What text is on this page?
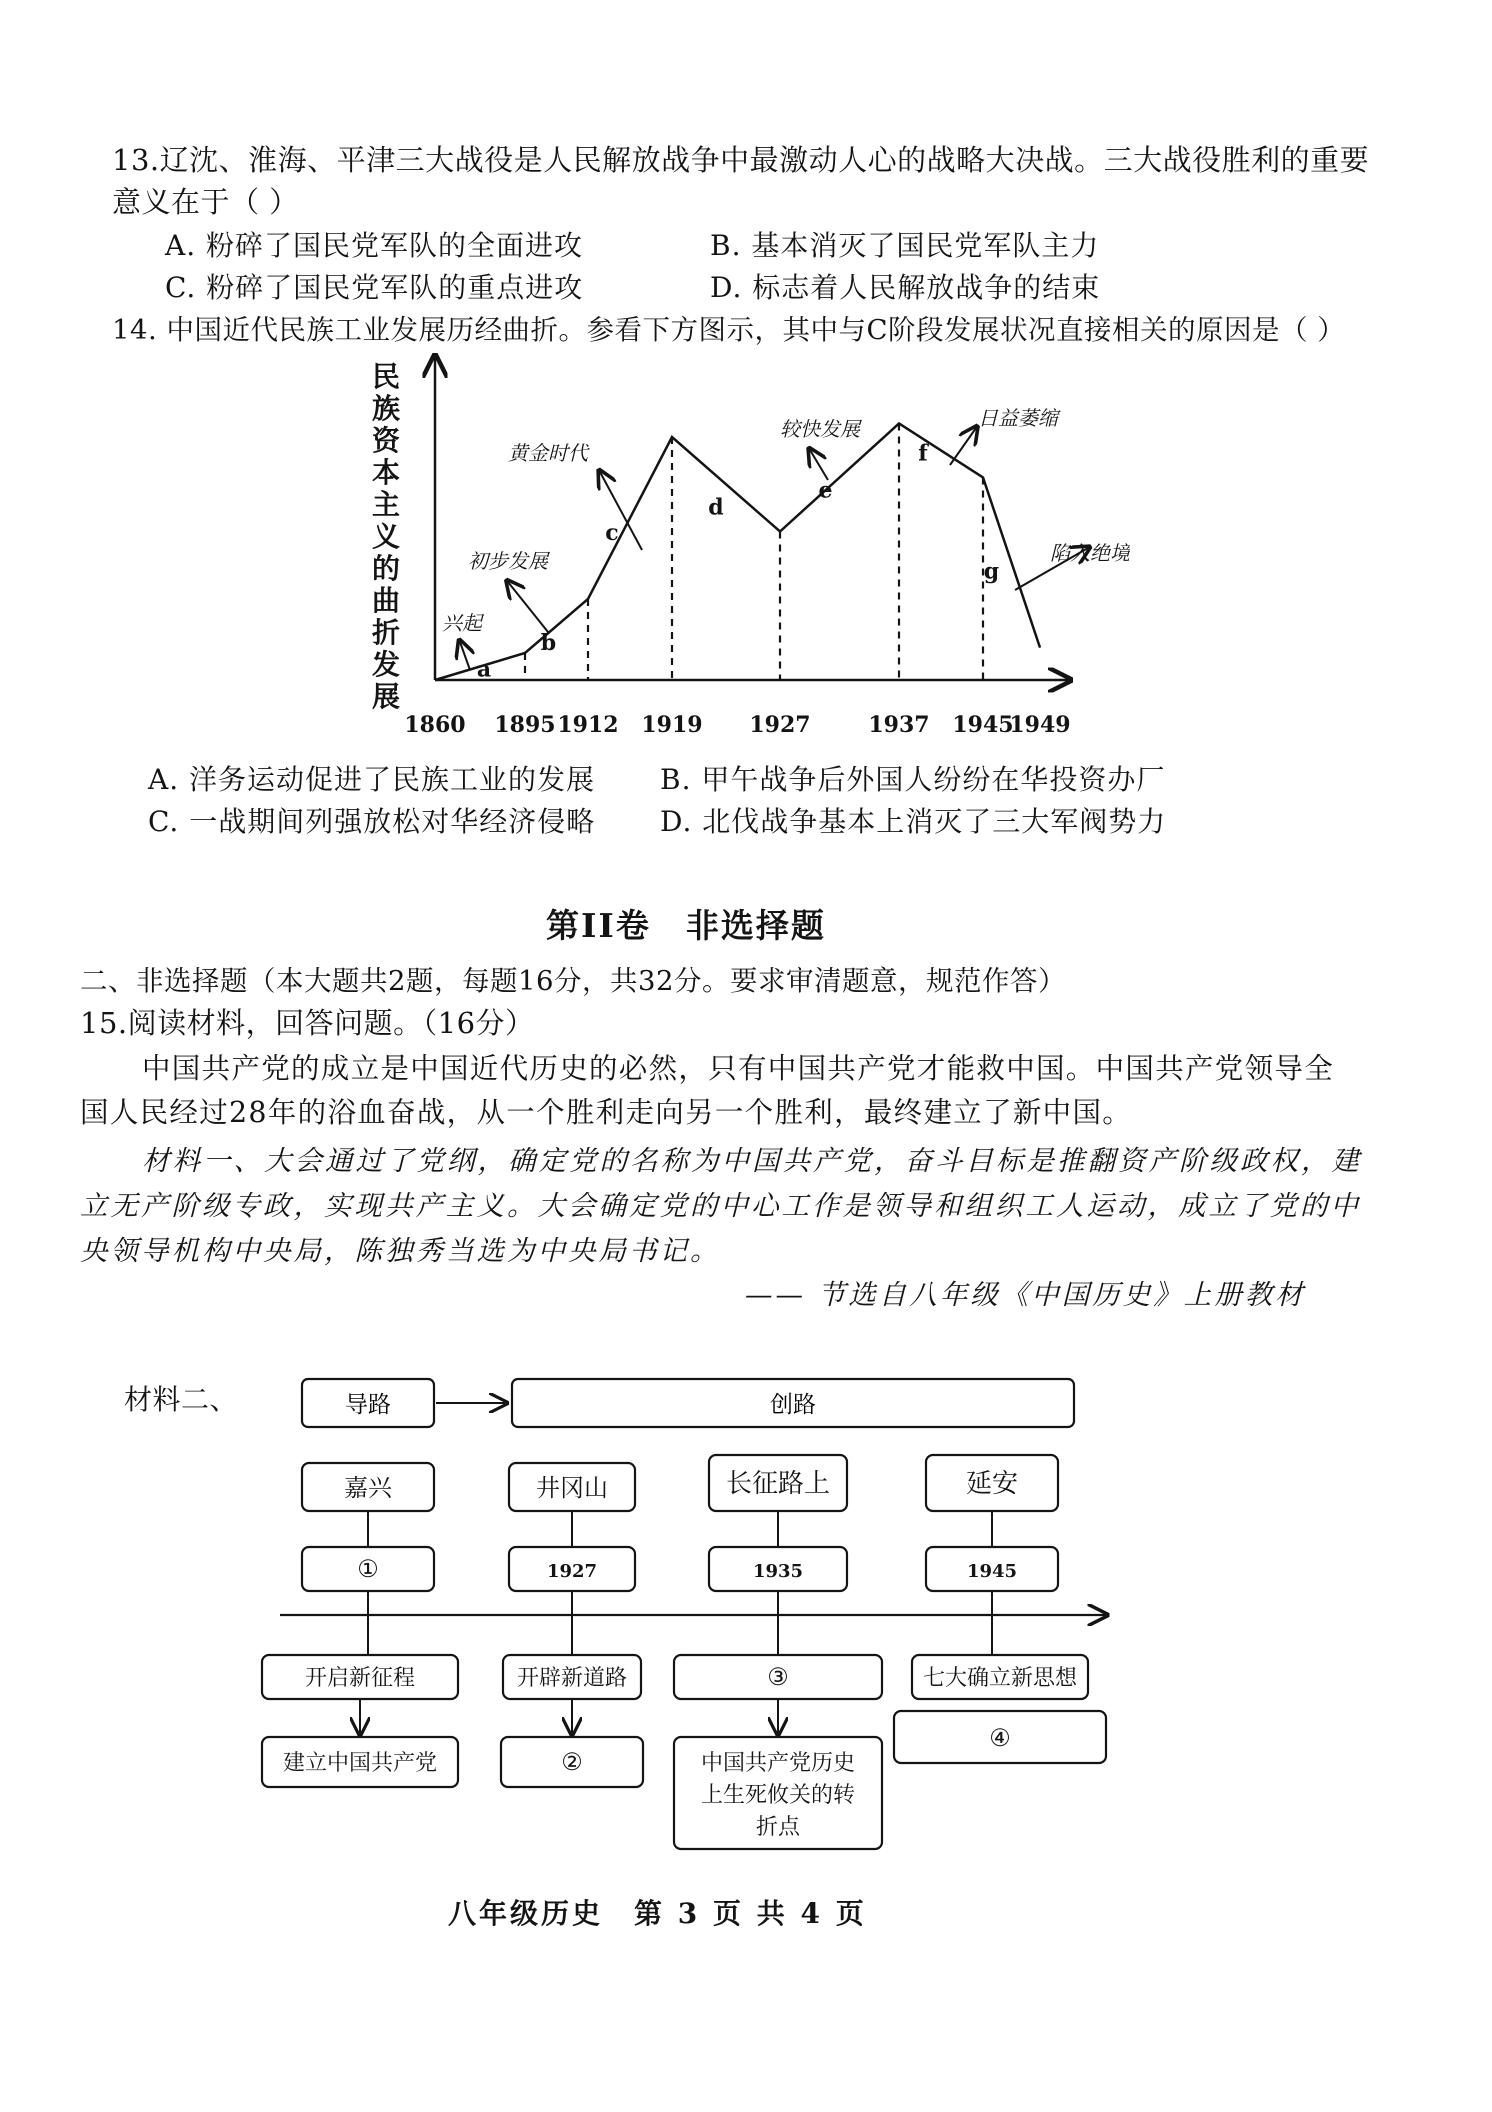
13.辽沈、淮海、平津三大战役是人民解放战争中最激动人心的战略大决战。三大战役胜利的重要
意义在于（ ）
A. 粉碎了国民党军队的全面进攻	B. 基本消灭了国民党军队主力
C. 粉碎了国民党军队的重点进攻	D. 标志着人民解放战争的结束
14. 中国近代民族工业发展历经曲折。参看下方图示，其中与C阶段发展状况直接相关的原因是（ ）
民族资本主义的曲折发展
1860 1895 1912 1919 1927	1937 1945
1949
a
b
c
d
e
f
g
兴起
初步发展
黄金时代
较快发展	日益萎缩
陷入绝境
A. 洋务运动促进了民族工业的发展 B. 甲午战争后外国人纷纷在华投资办厂
C. 一战期间列强放松对华经济侵略 D. 北伐战争基本上消灭了三大军阀势力
第II卷　非选择题
二、非选择题（本大题共2题，每题16分，共32分。要求审清题意，规范作答）
15.阅读材料，回答问题。（16分）
中国共产党的成立是中国近代历史的必然，只有中国共产党才能救中国。中国共产党领导全
国人民经过28年的浴血奋战，从一个胜利走向另一个胜利，最终建立了新中国。
材料一、大会通过了党纲，确定党的名称为中国共产党，奋斗目标是推翻资产阶级政权，建
立无产阶级专政，实现共产主义。大会确定党的中心工作是领导和组织工人运动，成立了党的中
央领导机构中央局，陈独秀当选为中央局书记。
—— 节选自八年级《中国历史》上册教材
材料二、	导路	创路
嘉兴
①
开启新征程
建立中国共产党
井冈山
1927
开辟新道路
②
长征路上
1935
③
中国共产党历史
上生死攸关的转
折点
延安
1945
七大确立新思想
④
八年级历史　第 3 页 共 4 页
